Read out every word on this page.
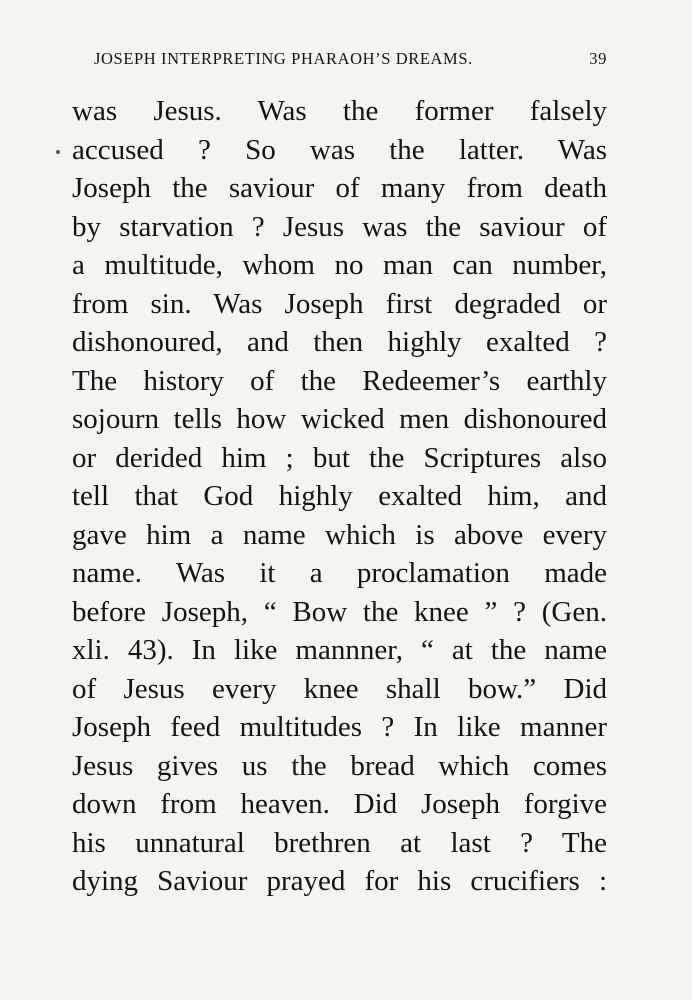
JOSEPH INTERPRETING PHARAOH’S DREAMS.	39
was Jesus. Was the former falsely
accused ? So was the latter. Was
Joseph the saviour of many from death
by starvation ? Jesus was the saviour of
a multitude, whom no man can number,
from sin. Was Joseph first degraded or
dishonoured, and then highly exalted ?
The history of the Redeemer’s earthly
sojourn tells how wicked men dishonoured
or derided him ; but the Scriptures also
tell that God highly exalted him, and
gave him a name which is above every
name. Was it a proclamation made
before Joseph, “ Bow the knee ” ? (Gen.
xli. 43). In like mannner, “ at the name
of Jesus every knee shall bow.” Did
Joseph feed multitudes ? In like manner
Jesus gives us the bread which comes
down from heaven. Did Joseph forgive
his unnatural brethren at last ? The
dying Saviour prayed for his crucifiers :
